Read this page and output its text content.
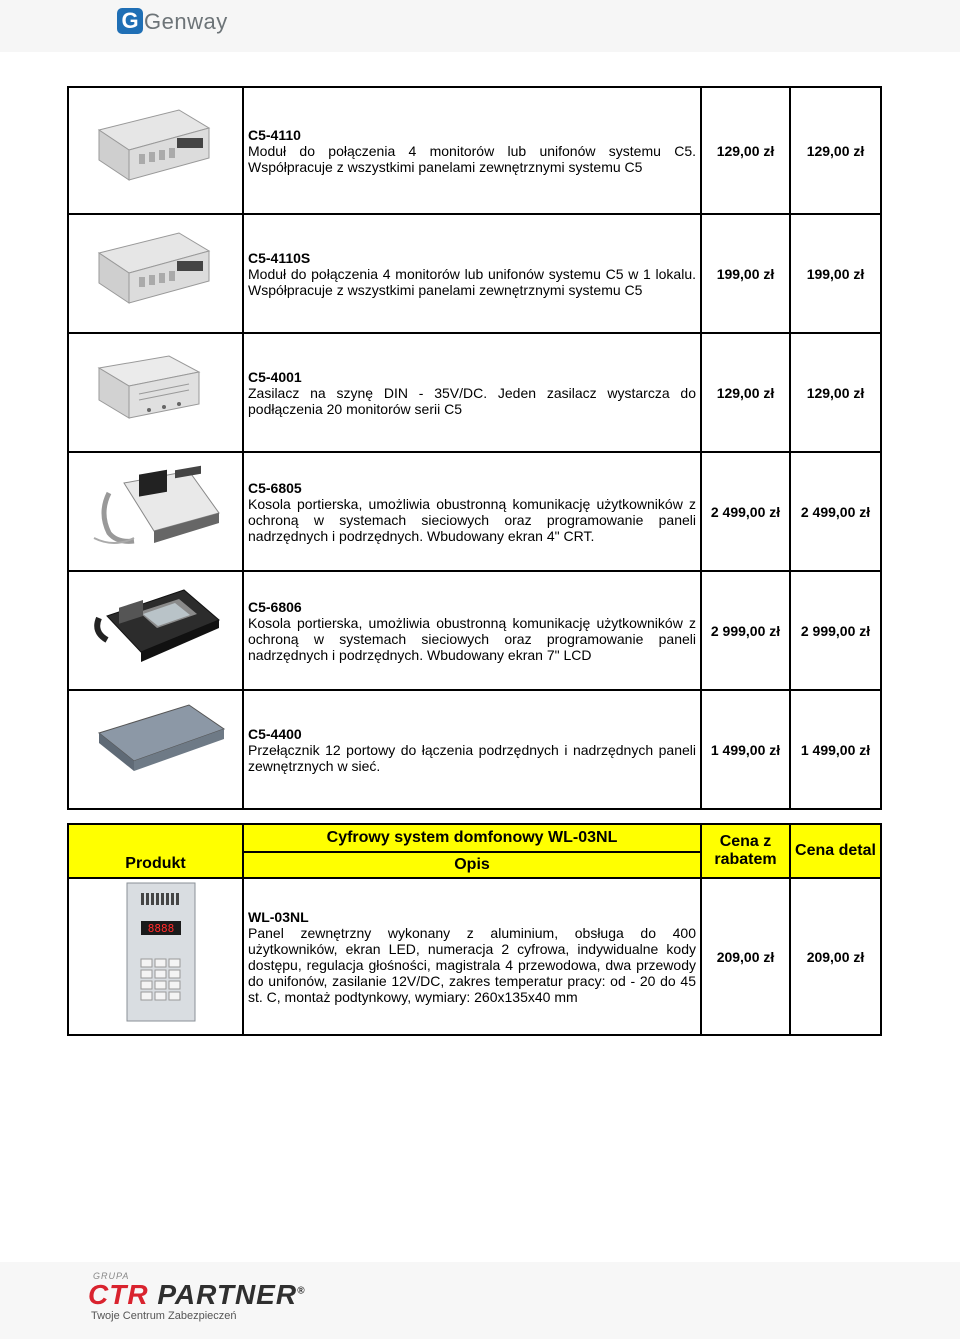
G Genway

C5-4110
Moduł do połączenia 4 monitorów lub unifonów systemu C5. Współpracuje z wszystkimi panelami zewnętrznymi systemu C5	129,00 zł	129,00 zł

C5-4110S
Moduł do połączenia 4 monitorów lub unifonów systemu C5 w 1 lokalu. Współpracuje z wszystkimi panelami zewnętrznymi systemu C5	199,00 zł	199,00 zł

C5-4001
Zasilacz na szynę DIN - 35V/DC. Jeden zasilacz wystarcza do podłączenia 20 monitorów serii C5	129,00 zł	129,00 zł

C5-6805
Kosola portierska, umożliwia obustronną komunikację użytkowników z ochroną w systemach sieciowych oraz programowanie paneli nadrzędnych i podrzędnych. Wbudowany ekran 4" CRT.	2 499,00 zł	2 499,00 zł

C5-6806
Kosola portierska, umożliwia obustronną komunikację użytkowników z ochroną w systemach sieciowych oraz programowanie paneli nadrzędnych i podrzędnych. Wbudowany ekran 7" LCD	2 999,00 zł	2 999,00 zł

C5-4400
Przełącznik 12 portowy do łączenia podrzędnych i nadrzędnych paneli zewnętrznych w sieć.	1 499,00 zł	1 499,00 zł
Produkt	Cyfrowy system domfonowy WL-03NL	Cena z rabatem	Cena detal
	Opis		

8888	WL-03NL
Panel zewnętrzny wykonany z aluminium, obsługa do 400 użytkowników, ekran LED, numeracja 2 cyfrowa, indywidualne kody dostępu, regulacja głośności, magistrala 4 przewodowa, dwa przewody do unifonów, zasilanie 12V/DC, zakres temperatur pracy: od - 20 do 45 st. C, montaż podtynkowy, wymiary: 260x135x40 mm	209,00 zł	209,00 zł
GRUPA
CTR PARTNER®
Twoje Centrum Zabezpieczeń
